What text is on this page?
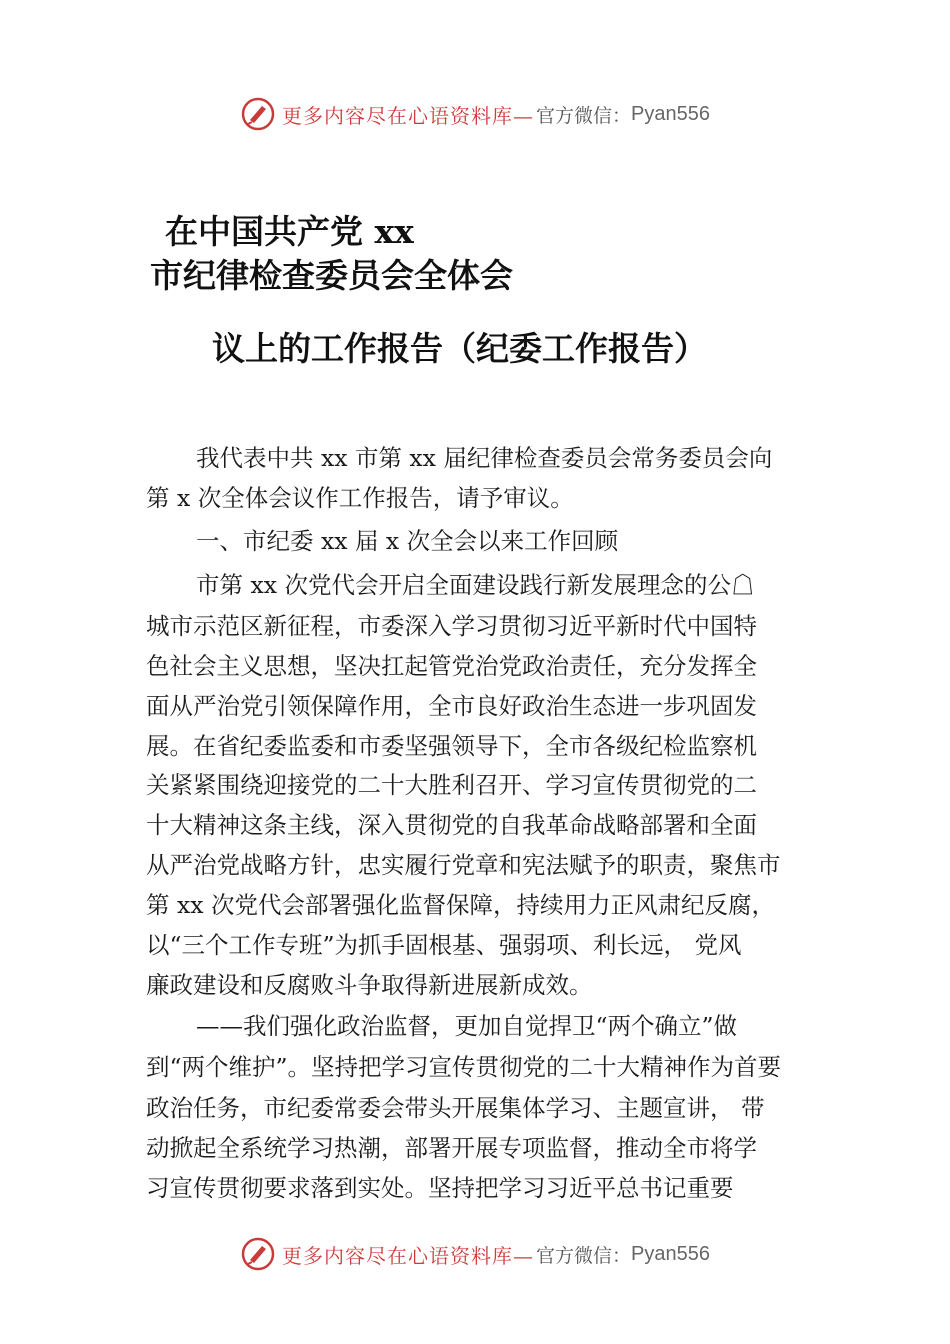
更多内容尽在心语资料库— 官方微信： Pyan556
在中国共产党 xx
市纪律检查委员会全体会
议上的工作报告（纪委工作报告）
我代表中共 xx 市第 xx 届纪律检查委员会常务委员会向
第 x 次全体会议作工作报告，请予审议。
一、市纪委 xx 届 x 次全会以来工作回顾
市第 xx 次党代会开启全面建设践行新发展理念的公☖
城市示范区新征程，市委深入学习贯彻习近平新时代中国特
色社会主义思想，坚决扛起管党治党政治责任，充分发挥全
面从严治党引领保障作用，全市良好政治生态进一步巩固发
展。在省纪委监委和市委坚强领导下，全市各级纪检监察机
关紧紧围绕迎接党的二十大胜利召开、学习宣传贯彻党的二
十大精神这条主线，深入贯彻党的自我革命战略部署和全面
从严治党战略方针，忠实履行党章和宪法赋予的职责，聚焦市
第 xx 次党代会部署强化监督保障，持续用力正风肃纪反腐，
以“三个工作专班”为抓手固根基、强弱项、利长远， 党风
廉政建设和反腐败斗争取得新进展新成效。
——我们强化政治监督，更加自觉捍卫“两个确立”做
到“两个维护”。坚持把学习宣传贯彻党的二十大精神作为首要
政治任务，市纪委常委会带头开展集体学习、主题宣讲， 带
动掀起全系统学习热潮，部署开展专项监督，推动全市将学
习宣传贯彻要求落到实处。坚持把学习习近平总书记重要
更多内容尽在心语资料库— 官方微信： Pyan556
